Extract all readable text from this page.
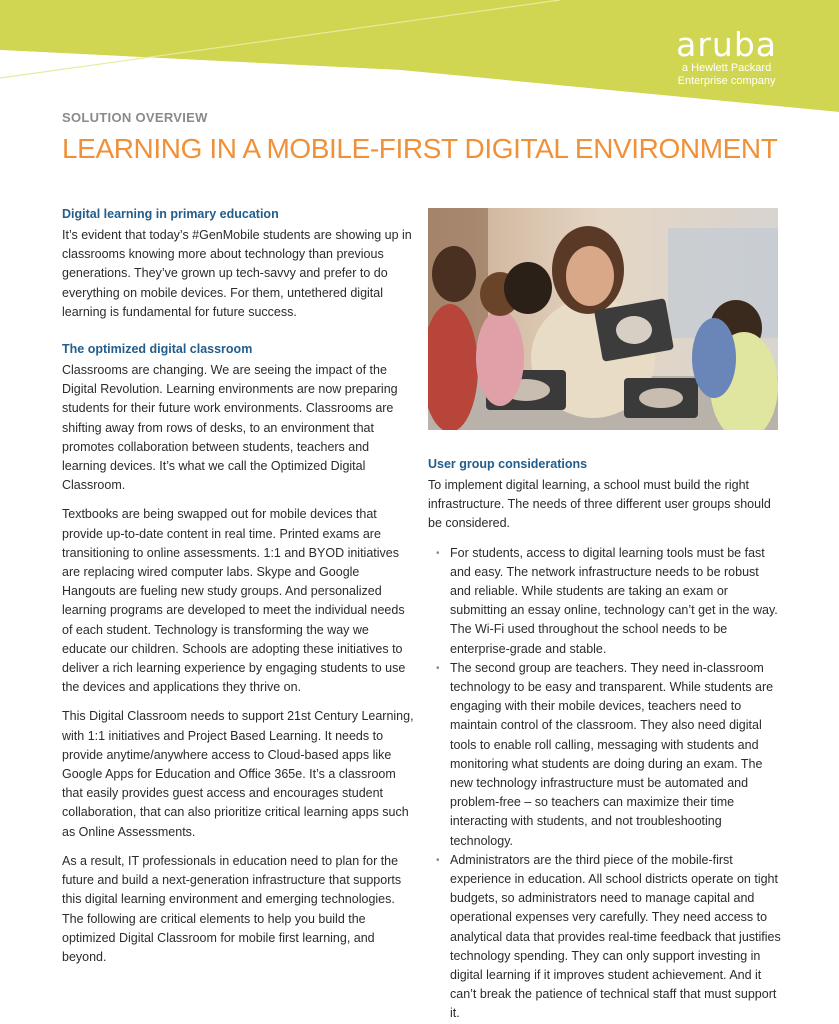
aruba
a Hewlett Packard
Enterprise company
SOLUTION OVERVIEW
LEARNING IN A MOBILE-FIRST DIGITAL ENVIRONMENT
Digital learning in primary education

It’s evident that today’s #GenMobile students are showing up in classrooms knowing more about technology than previous generations. They’ve grown up tech-savvy and prefer to do everything on mobile devices. For them, untethered digital learning is fundamental for future success.

The optimized digital classroom

Classrooms are changing. We are seeing the impact of the Digital Revolution. Learning environments are now preparing students for their future work environments. Classrooms are shifting away from rows of desks, to an environment that promotes collaboration between students, teachers and learning devices. It’s what we call the Optimized Digital Classroom.

Textbooks are being swapped out for mobile devices that provide up-to-date content in real time. Printed exams are transitioning to online assessments. 1:1 and BYOD initiatives are replacing wired computer labs. Skype and Google Hangouts are fueling new study groups. And personalized learning programs are developed to meet the individual needs of each student. Technology is transforming the way we educate our children. Schools are adopting these initiatives to deliver a rich learning experience by engaging students to use the devices and applications they thrive on.

This Digital Classroom needs to support 21st Century Learning, with 1:1 initiatives and Project Based Learning. It needs to provide anytime/anywhere access to Cloud-based apps like Google Apps for Education and Office 365e. It’s a classroom that easily provides guest access and encourages student collaboration, that can also prioritize critical learning apps such as Online Assessments.

As a result, IT professionals in education need to plan for the future and build a next-generation infrastructure that supports this digital learning environment and emerging technologies. The following are critical elements to help you build the optimized Digital Classroom for mobile first learning, and beyond.

User group considerations

To implement digital learning, a school must build the right infrastructure. The needs of three different user groups should be considered.

• For students, access to digital learning tools must be fast and easy. The network infrastructure needs to be robust and reliable. While students are taking an exam or submitting an essay online, technology can’t get in the way. The Wi-Fi used throughout the school needs to be enterprise-grade and stable.
• The second group are teachers. They need in-classroom technology to be easy and transparent. While students are engaging with their mobile devices, teachers need to maintain control of the classroom. They also need digital tools to enable roll calling, messaging with students and monitoring what students are doing during an exam. The new technology infrastructure must be automated and problem-free – so teachers can maximize their time interacting with students, and not troubleshooting technology.
• Administrators are the third piece of the mobile-first experience in education. All school districts operate on tight budgets, so administrators need to manage capital and operational expenses very carefully. They need access to analytical data that provides real-time feedback that justifies technology spending. They can only support investing in digital learning if it improves student achievement. And it can’t break the patience of technical staff that must support it.
